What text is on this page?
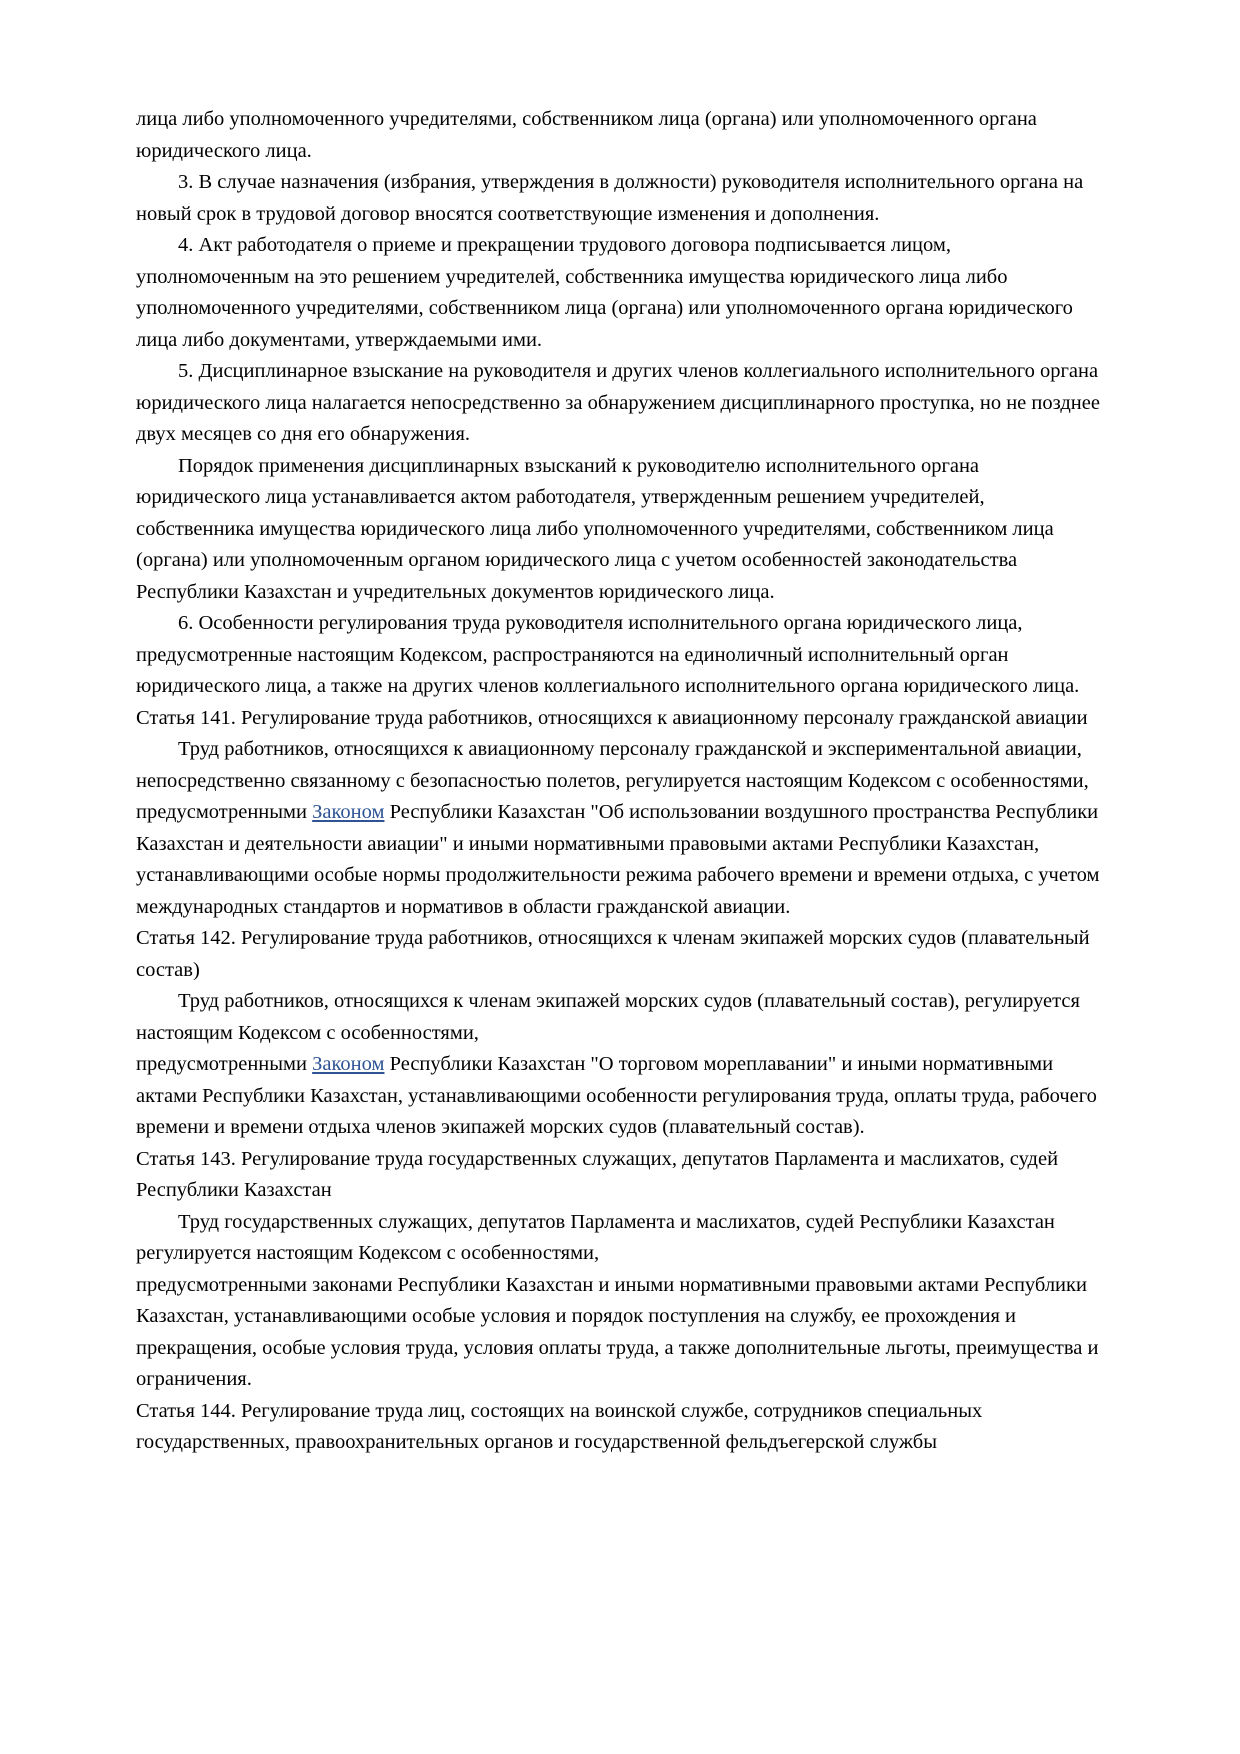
лица либо уполномоченного учредителями, собственником лица (органа) или уполномоченного органа юридического лица.

3. В случае назначения (избрания, утверждения в должности) руководителя исполнительного органа на новый срок в трудовой договор вносятся соответствующие изменения и дополнения.

4. Акт работодателя о приеме и прекращении трудового договора подписывается лицом, уполномоченным на это решением учредителей, собственника имущества юридического лица либо уполномоченного учредителями, собственником лица (органа) или уполномоченного органа юридического лица либо документами, утверждаемыми ими.

5. Дисциплинарное взыскание на руководителя и других членов коллегиального исполнительного органа юридического лица налагается непосредственно за обнаружением дисциплинарного проступка, но не позднее двух месяцев со дня его обнаружения.

Порядок применения дисциплинарных взысканий к руководителю исполнительного органа юридического лица устанавливается актом работодателя, утвержденным решением учредителей, собственника имущества юридического лица либо уполномоченного учредителями, собственником лица (органа) или уполномоченным органом юридического лица с учетом особенностей законодательства Республики Казахстан и учредительных документов юридического лица.

6. Особенности регулирования труда руководителя исполнительного органа юридического лица, предусмотренные настоящим Кодексом, распространяются на единоличный исполнительный орган юридического лица, а также на других членов коллегиального исполнительного органа юридического лица.

Статья 141. Регулирование труда работников, относящихся к авиационному персоналу гражданской авиации

Труд работников, относящихся к авиационному персоналу гражданской и экспериментальной авиации, непосредственно связанному с безопасностью полетов, регулируется настоящим Кодексом с особенностями,

предусмотренными Законом Республики Казахстан "Об использовании воздушного пространства Республики Казахстан и деятельности авиации" и иными нормативными правовыми актами Республики Казахстан, устанавливающими особые нормы продолжительности режима рабочего времени и времени отдыха, с учетом международных стандартов и нормативов в области гражданской авиации.

Статья 142. Регулирование труда работников, относящихся к членам экипажей морских судов (плавательный состав)

Труд работников, относящихся к членам экипажей морских судов (плавательный состав), регулируется настоящим Кодексом с особенностями,

предусмотренными Законом Республики Казахстан "О торговом мореплавании" и иными нормативными актами Республики Казахстан, устанавливающими особенности регулирования труда, оплаты труда, рабочего времени и времени отдыха членов экипажей морских судов (плавательный состав).

Статья 143. Регулирование труда государственных служащих, депутатов Парламента и маслихатов, судей Республики Казахстан

Труд государственных служащих, депутатов Парламента и маслихатов, судей Республики Казахстан регулируется настоящим Кодексом с особенностями,

предусмотренными законами Республики Казахстан и иными нормативными правовыми актами Республики Казахстан, устанавливающими особые условия и порядок поступления на службу, ее прохождения и прекращения, особые условия труда, условия оплаты труда, а также дополнительные льготы, преимущества и ограничения.

Статья 144. Регулирование труда лиц, состоящих на воинской службе, сотрудников специальных государственных, правоохранительных органов и государственной фельдъегерской службы
